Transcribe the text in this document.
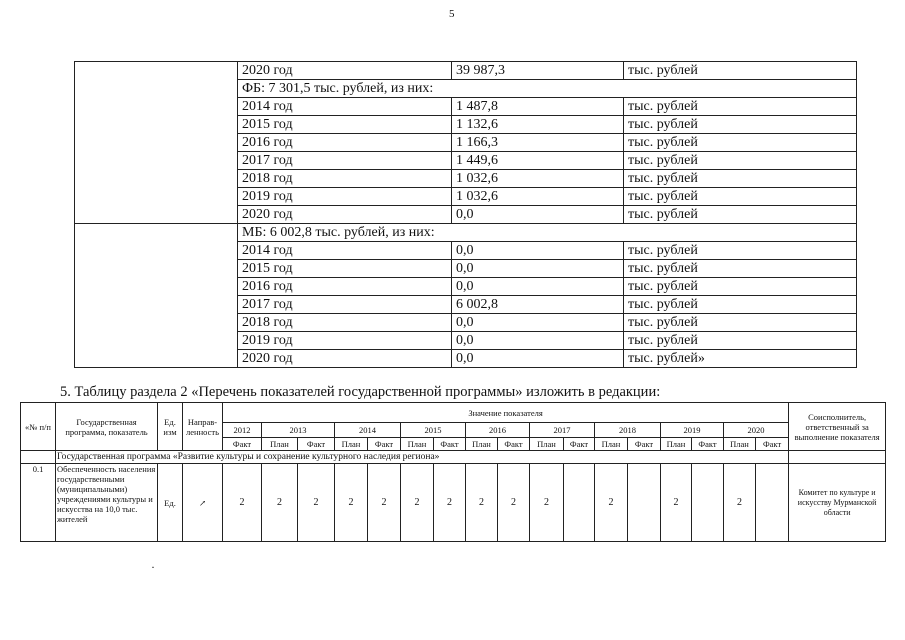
5
	2020 год	39 987,3	тыс. рублей
	ФБ: 7 301,5 тыс. рублей, из них:		
	2014 год	1 487,8	тыс. рублей
	2015 год	1 132,6	тыс. рублей
	2016 год	1 166,3	тыс. рублей
	2017 год	1 449,6	тыс. рублей
	2018 год	1 032,6	тыс. рублей
	2019 год	1 032,6	тыс. рублей
	2020 год	0,0	тыс. рублей
	МБ: 6 002,8 тыс. рублей, из них:		
	2014 год	0,0	тыс. рублей
	2015 год	0,0	тыс. рублей
	2016 год	0,0	тыс. рублей
	2017 год	6 002,8	тыс. рублей
	2018 год	0,0	тыс. рублей
	2019 год	0,0	тыс. рублей
	2020 год	0,0	тыс. рублей»
5. Таблицу раздела 2 «Перечень показателей государственной программы» изложить в редакции:
«№ п/п	Государственная программа, показатель	Ед. изм	Направ-ленность	Значение показателя																	Соисполнитель, ответственный за выполнение показателя
				2012	2013		2014		2015		2016		2017		2018		2019		2020		
				Факт	План	Факт	План	Факт	План	Факт	План	Факт	План	Факт	План	Факт	План	Факт	План	Факт	
	Государственная программа «Развитие культуры и сохранение культурного наследия региона»																				
0.1	Обеспеченность населения государственными (муниципальными) учреждениями культуры и искусства на 10,0 тыс. жителей	Ед.	↗	2	2	2	2	2	2	2	2	2	2		2		2		2		Комитет по культуре и искусству Мурманской области
·
